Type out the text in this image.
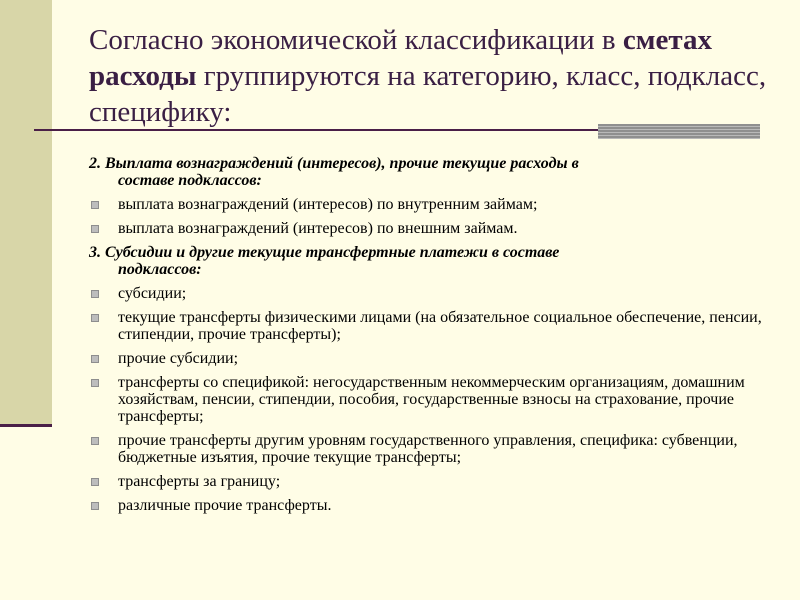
Согласно экономической классификации в сметах расходы группируются на категорию, класс, подкласс, специфику:

2. Выплата вознаграждений (интересов), прочие текущие расходы в
составе подклассов:

выплата вознаграждений (интересов) по внутренним займам;
выплата вознаграждений (интересов) по внешним займам.

3. Субсидии и другие текущие трансфертные платежи в составе
подклассов:

субсидии;
текущие трансферты физическими лицами (на обязательное социальное обеспечение, пенсии, стипендии, прочие трансферты);
прочие субсидии;
трансферты со спецификой: негосударственным некоммерческим организациям, домашним хозяйствам, пенсии, стипендии, пособия, государственные взносы на страхование, прочие трансферты;
прочие трансферты другим уровням государственного управления, специфика: субвенции, бюджетные изъятия, прочие текущие трансферты;
трансферты за границу;
различные прочие трансферты.
